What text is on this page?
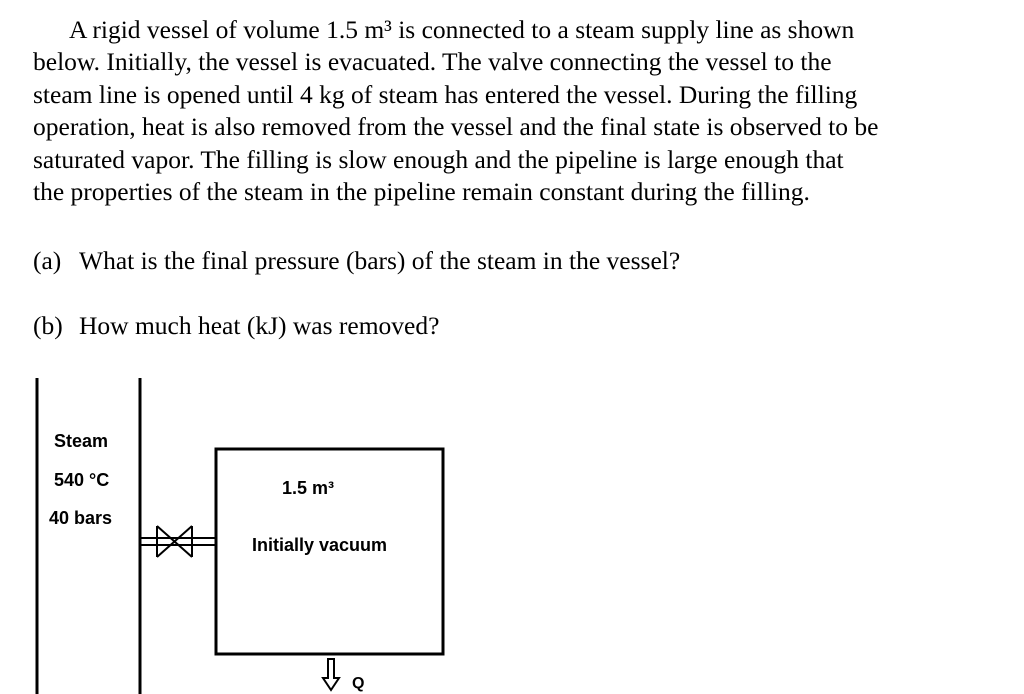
A rigid vessel of volume 1.5 m³ is connected to a steam supply line as shown
below. Initially, the vessel is evacuated. The valve connecting the vessel to the
steam line is opened until 4 kg of steam has entered the vessel. During the filling
operation, heat is also removed from the vessel and the final state is observed to be
saturated vapor. The filling is slow enough and the pipeline is large enough that
the properties of the steam in the pipeline remain constant during the filling.

(a) What is the final pressure (bars) of the steam in the vessel?

(b) How much heat (kJ) was removed?

Steam
540 °C
40 bars
1.5 m³
Initially vacuum
Q
